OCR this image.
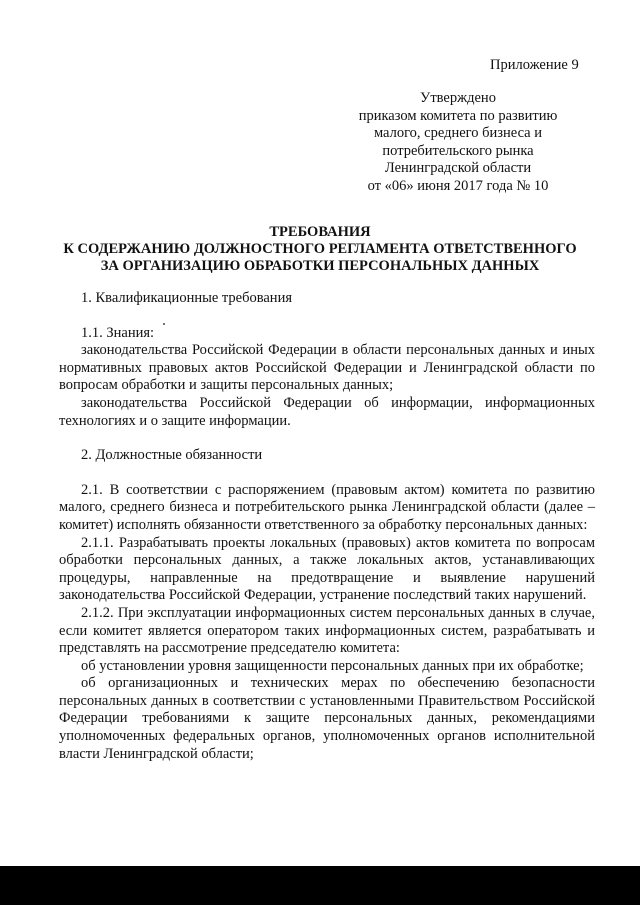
Приложение 9
Утверждено
приказом комитета по развитию
малого, среднего бизнеса и
потребительского рынка
Ленинградской области
от «06» июня 2017 года № 10
ТРЕБОВАНИЯ
К СОДЕРЖАНИЮ ДОЛЖНОСТНОГО РЕГЛАМЕНТА ОТВЕТСТВЕННОГО
ЗА ОРГАНИЗАЦИЮ ОБРАБОТКИ ПЕРСОНАЛЬНЫХ ДАННЫХ

1. Квалификационные требования

1.1. Знания:

законодательства Российской Федерации в области персональных данных и иных нормативных правовых актов Российской Федерации и Ленинградской области по вопросам обработки и защиты персональных данных;

законодательства Российской Федерации об информации, информационных технологиях и о защите информации.

2. Должностные обязанности

2.1. В соответствии с распоряжением (правовым актом) комитета по развитию малого, среднего бизнеса и потребительского рынка Ленинградской области (далее – комитет) исполнять обязанности ответственного за обработку персональных данных:

2.1.1. Разрабатывать проекты локальных (правовых) актов комитета по вопросам обработки персональных данных, а также локальных актов, устанавливающих процедуры, направленные на предотвращение и выявление нарушений законодательства Российской Федерации, устранение последствий таких нарушений.

2.1.2. При эксплуатации информационных систем персональных данных в случае, если комитет является оператором таких информационных систем, разрабатывать и представлять на рассмотрение председателю комитета:

об установлении уровня защищенности персональных данных при их обработке;

об организационных и технических мерах по обеспечению безопасности персональных данных в соответствии с установленными Правительством Российской Федерации требованиями к защите персональных данных, рекомендациями уполномоченных федеральных органов, уполномоченных органов исполнительной власти Ленинградской области;
